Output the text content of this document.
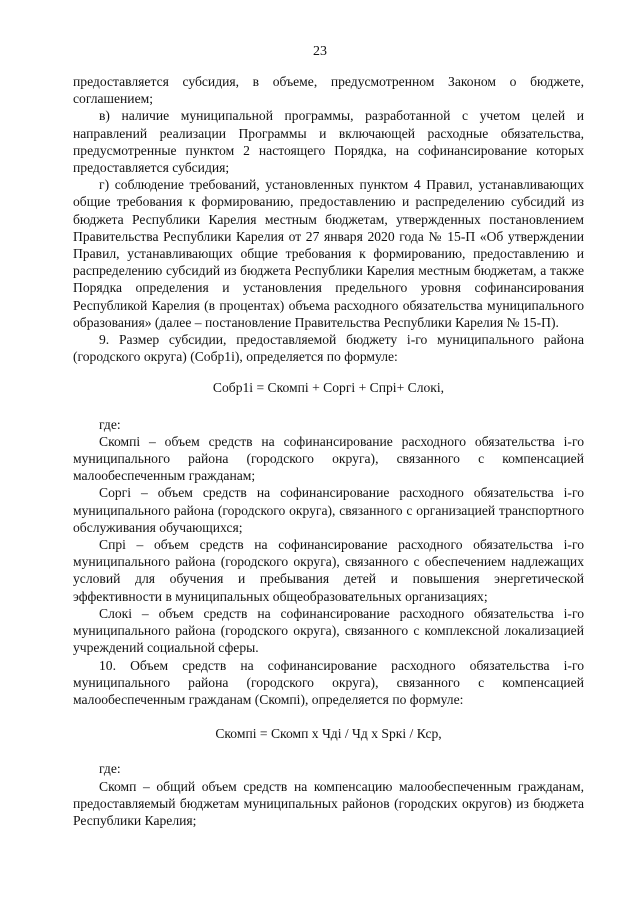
23

предоставляется субсидия, в объеме, предусмотренном Законом о бюджете, соглашением;

в) наличие муниципальной программы, разработанной с учетом целей и направлений реализации Программы и включающей расходные обязательства, предусмотренные пунктом 2 настоящего Порядка, на софинансирование которых предоставляется субсидия;

г) соблюдение требований, установленных пунктом 4 Правил, устанавливающих общие требования к формированию, предоставлению и распределению субсидий из бюджета Республики Карелия местным бюджетам, утвержденных постановлением Правительства Республики Карелия от 27 января 2020 года № 15-П «Об утверждении Правил, устанавливающих общие требования к формированию, предоставлению и распределению субсидий из бюджета Республики Карелия местным бюджетам, а также Порядка определения и установления предельного уровня софинансирования Республикой Карелия (в процентах) объема расходного обязательства муниципального образования» (далее – постановление Правительства Республики Карелия № 15-П).

9. Размер субсидии, предоставляемой бюджету i-го муниципального района (городского округа) (Собр1i), определяется по формуле:

Собр1i = Скомпi + Соргi + Спрi+ Слокi,

где:

Скомпi – объем средств на софинансирование расходного обязательства i-го муниципального района (городского округа), связанного с компенсацией малообеспеченным гражданам;

Соргi – объем средств на софинансирование расходного обязательства i-го муниципального района (городского округа), связанного с организацией транспортного обслуживания обучающихся;

Спрi – объем средств на софинансирование расходного обязательства i-го муниципального района (городского округа), связанного с обеспечением надлежащих условий для обучения и пребывания детей и повышения энергетической эффективности в муниципальных общеобразовательных организациях;

Слокi – объем средств на софинансирование расходного обязательства i-го муниципального района (городского округа), связанного с комплексной локализацией учреждений социальной сферы.

10. Объем средств на софинансирование расходного обязательства i-го муниципального района (городского округа), связанного с компенсацией малообеспеченным гражданам (Скомпi), определяется по формуле:

Скомпi = Скомп x Чдi / Чд x Sркi / Кср,

где:

Скомп – общий объем средств на компенсацию малообеспеченным гражданам, предоставляемый бюджетам муниципальных районов (городских округов) из бюджета Республики Карелия;
